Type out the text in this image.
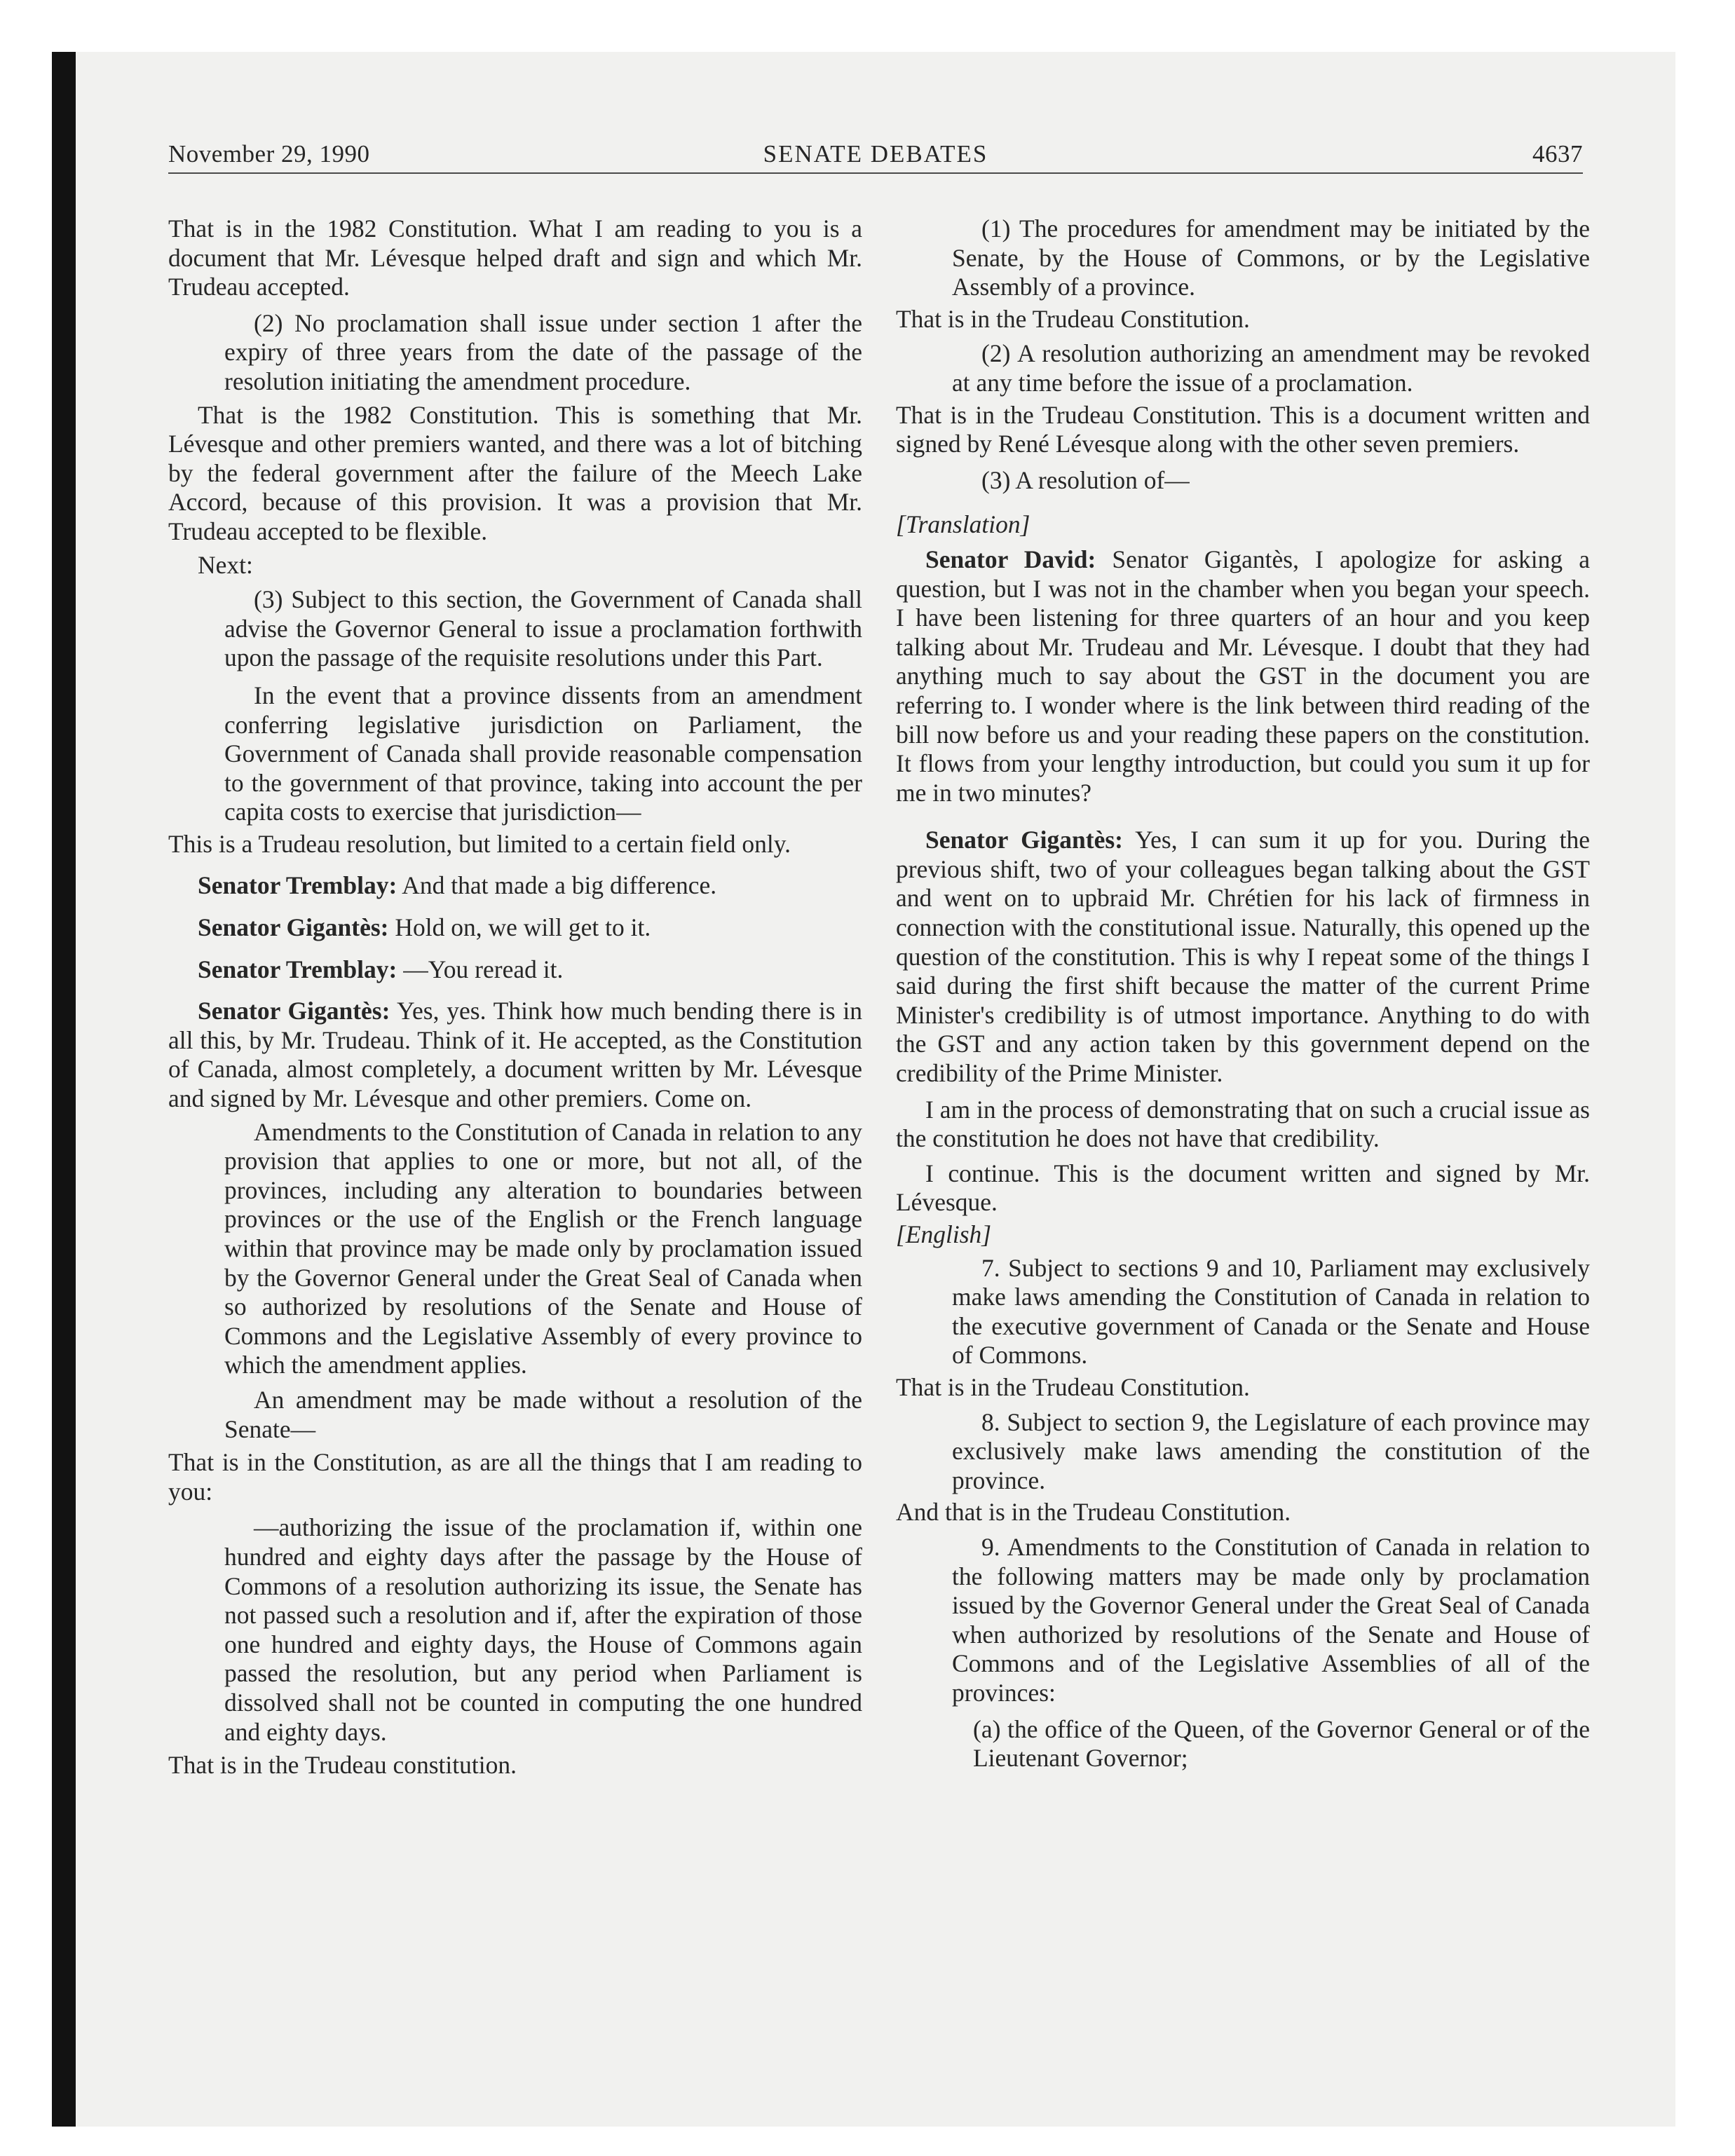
November 29, 1990	SENATE DEBATES	4637

That is in the 1982 Constitution. What I am reading to you is a document that Mr. Lévesque helped draft and sign and which Mr. Trudeau accepted.

(2) No proclamation shall issue under section 1 after the expiry of three years from the date of the passage of the resolution initiating the amendment procedure.

That is the 1982 Constitution. This is something that Mr. Lévesque and other premiers wanted, and there was a lot of bitching by the federal government after the failure of the Meech Lake Accord, because of this provision. It was a provision that Mr. Trudeau accepted to be flexible.

Next:

(3) Subject to this section, the Government of Canada shall advise the Governor General to issue a proclamation forthwith upon the passage of the requisite resolutions under this Part.

In the event that a province dissents from an amendment conferring legislative jurisdiction on Parliament, the Government of Canada shall provide reasonable compensation to the government of that province, taking into account the per capita costs to exercise that jurisdiction—

This is a Trudeau resolution, but limited to a certain field only.

Senator Tremblay: And that made a big difference.

Senator Gigantès: Hold on, we will get to it.

Senator Tremblay: —You reread it.

Senator Gigantès: Yes, yes. Think how much bending there is in all this, by Mr. Trudeau. Think of it. He accepted, as the Constitution of Canada, almost completely, a document written by Mr. Lévesque and signed by Mr. Lévesque and other premiers. Come on.

Amendments to the Constitution of Canada in relation to any provision that applies to one or more, but not all, of the provinces, including any alteration to boundaries between provinces or the use of the English or the French language within that province may be made only by proclamation issued by the Governor General under the Great Seal of Canada when so authorized by resolutions of the Senate and House of Commons and the Legislative Assembly of every province to which the amendment applies.

An amendment may be made without a resolution of the Senate—

That is in the Constitution, as are all the things that I am reading to you:

—authorizing the issue of the proclamation if, within one hundred and eighty days after the passage by the House of Commons of a resolution authorizing its issue, the Senate has not passed such a resolution and if, after the expiration of those one hundred and eighty days, the House of Commons again passed the resolution, but any period when Parliament is dissolved shall not be counted in computing the one hundred and eighty days.

That is in the Trudeau constitution.

(1) The procedures for amendment may be initiated by the Senate, by the House of Commons, or by the Legislative Assembly of a province.

That is in the Trudeau Constitution.

(2) A resolution authorizing an amendment may be revoked at any time before the issue of a proclamation.

That is in the Trudeau Constitution. This is a document written and signed by René Lévesque along with the other seven premiers.

(3) A resolution of—

[Translation]

Senator David: Senator Gigantès, I apologize for asking a question, but I was not in the chamber when you began your speech. I have been listening for three quarters of an hour and you keep talking about Mr. Trudeau and Mr. Lévesque. I doubt that they had anything much to say about the GST in the document you are referring to. I wonder where is the link between third reading of the bill now before us and your reading these papers on the constitution. It flows from your lengthy introduction, but could you sum it up for me in two minutes?

Senator Gigantès: Yes, I can sum it up for you. During the previous shift, two of your colleagues began talking about the GST and went on to upbraid Mr. Chrétien for his lack of firmness in connection with the constitutional issue. Naturally, this opened up the question of the constitution. This is why I repeat some of the things I said during the first shift because the matter of the current Prime Minister's credibility is of utmost importance. Anything to do with the GST and any action taken by this government depend on the credibility of the Prime Minister.

I am in the process of demonstrating that on such a crucial issue as the constitution he does not have that credibility.

I continue. This is the document written and signed by Mr. Lévesque.

[English]

7. Subject to sections 9 and 10, Parliament may exclusively make laws amending the Constitution of Canada in relation to the executive government of Canada or the Senate and House of Commons.

That is in the Trudeau Constitution.

8. Subject to section 9, the Legislature of each province may exclusively make laws amending the constitution of the province.

And that is in the Trudeau Constitution.

9. Amendments to the Constitution of Canada in relation to the following matters may be made only by proclamation issued by the Governor General under the Great Seal of Canada when authorized by resolutions of the Senate and House of Commons and of the Legislative Assemblies of all of the provinces:

(a) the office of the Queen, of the Governor General or of the Lieutenant Governor;
